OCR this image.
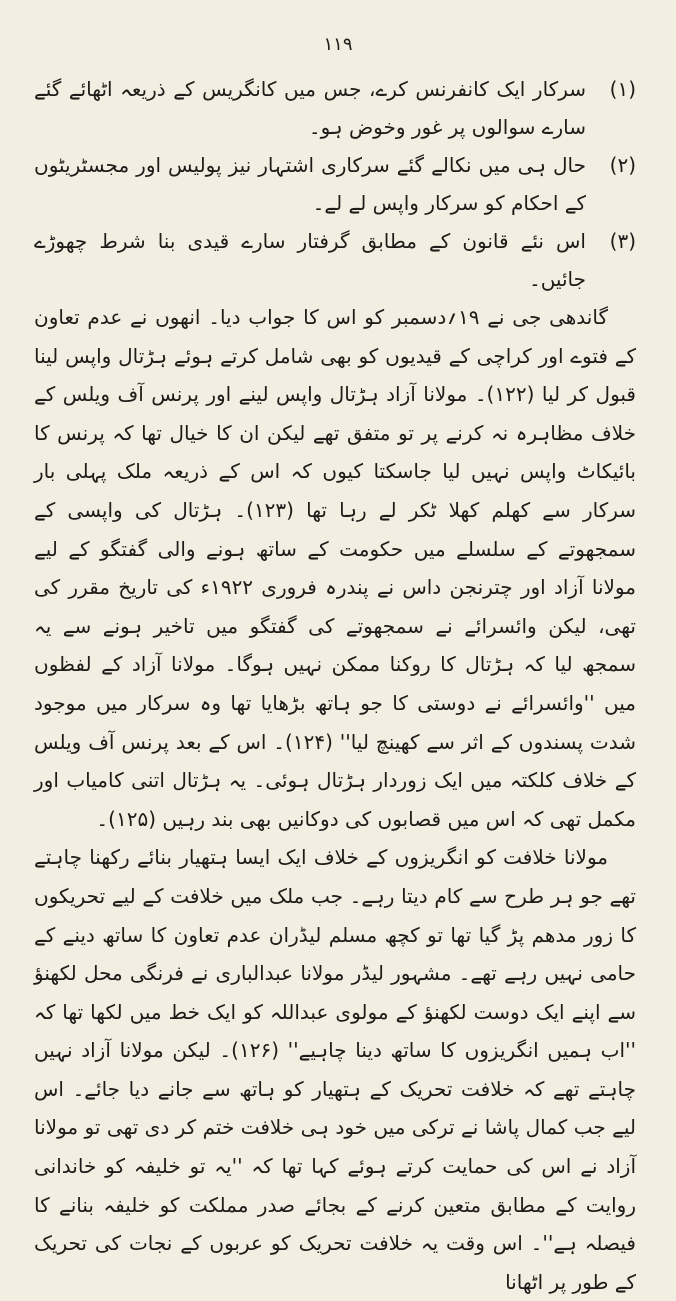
۱۱۹
(۱)
سرکار ایک کانفرنس کرے، جس میں کانگریس کے ذریعہ اٹھائے گئے سارے سوالوں پر غور وخوض ہو۔
(۲)
حال ہی میں نکالے گئے سرکاری اشتہار نیز پولیس اور مجسٹریٹوں کے احکام کو سرکار واپس لے لے۔
(۳)
اس نئے قانون کے مطابق گرفتار سارے قیدی بنا شرط چھوڑے جائیں۔

گاندھی جی نے ۱۹؍دسمبر کو اس کا جواب دیا۔ انھوں نے عدم تعاون کے فتوے اور کراچی کے قیدیوں کو بھی شامل کرتے ہوئے ہڑتال واپس لینا قبول کر لیا (۱۲۲)۔ مولانا آزاد ہڑتال واپس لینے اور پرنس آف ویلس کے خلاف مظاہرہ نہ کرنے پر تو متفق تھے لیکن ان کا خیال تھا کہ پرنس کا بائیکاٹ واپس نہیں لیا جاسکتا کیوں کہ اس کے ذریعہ ملک پہلی بار سرکار سے کھلم کھلا ٹکر لے رہا تھا (۱۲۳)۔ ہڑتال کی واپسی کے سمجھوتے کے سلسلے میں حکومت کے ساتھ ہونے والی گفتگو کے لیے مولانا آزاد اور چترنجن داس نے پندرہ فروری ۱۹۲۲ء کی تاریخ مقرر کی تھی، لیکن وائسرائے نے سمجھوتے کی گفتگو میں تاخیر ہونے سے یہ سمجھ لیا کہ ہڑتال کا روکنا ممکن نہیں ہوگا۔ مولانا آزاد کے لفظوں میں ''وائسرائے نے دوستی کا جو ہاتھ بڑھایا تھا وہ سرکار میں موجود شدت پسندوں کے اثر سے کھینچ لیا'' (۱۲۴)۔ اس کے بعد پرنس آف ویلس کے خلاف کلکتہ میں ایک زوردار ہڑتال ہوئی۔ یہ ہڑتال اتنی کامیاب اور مکمل تھی کہ اس میں قصابوں کی دوکانیں بھی بند رہیں (۱۲۵)۔

مولانا خلافت کو انگریزوں کے خلاف ایک ایسا ہتھیار بنائے رکھنا چاہتے تھے جو ہر طرح سے کام دیتا رہے۔ جب ملک میں خلافت کے لیے تحریکوں کا زور مدھم پڑ گیا تھا تو کچھ مسلم لیڈران عدم تعاون کا ساتھ دینے کے حامی نہیں رہے تھے۔ مشہور لیڈر مولانا عبدالباری نے فرنگی محل لکھنؤ سے اپنے ایک دوست لکھنؤ کے مولوی عبداللہ کو ایک خط میں لکھا تھا کہ ''اب ہمیں انگریزوں کا ساتھ دینا چاہیے'' (۱۲۶)۔ لیکن مولانا آزاد نہیں چاہتے تھے کہ خلافت تحریک کے ہتھیار کو ہاتھ سے جانے دیا جائے۔ اس لیے جب کمال پاشا نے ترکی میں خود ہی خلافت ختم کر دی تھی تو مولانا آزاد نے اس کی حمایت کرتے ہوئے کہا تھا کہ ''یہ تو خلیفہ کو خاندانی روایت کے مطابق متعین کرنے کے بجائے صدر مملکت کو خلیفہ بنانے کا فیصلہ ہے''۔ اس وقت یہ خلافت تحریک کو عربوں کے نجات کی تحریک کے طور پر اٹھانا
